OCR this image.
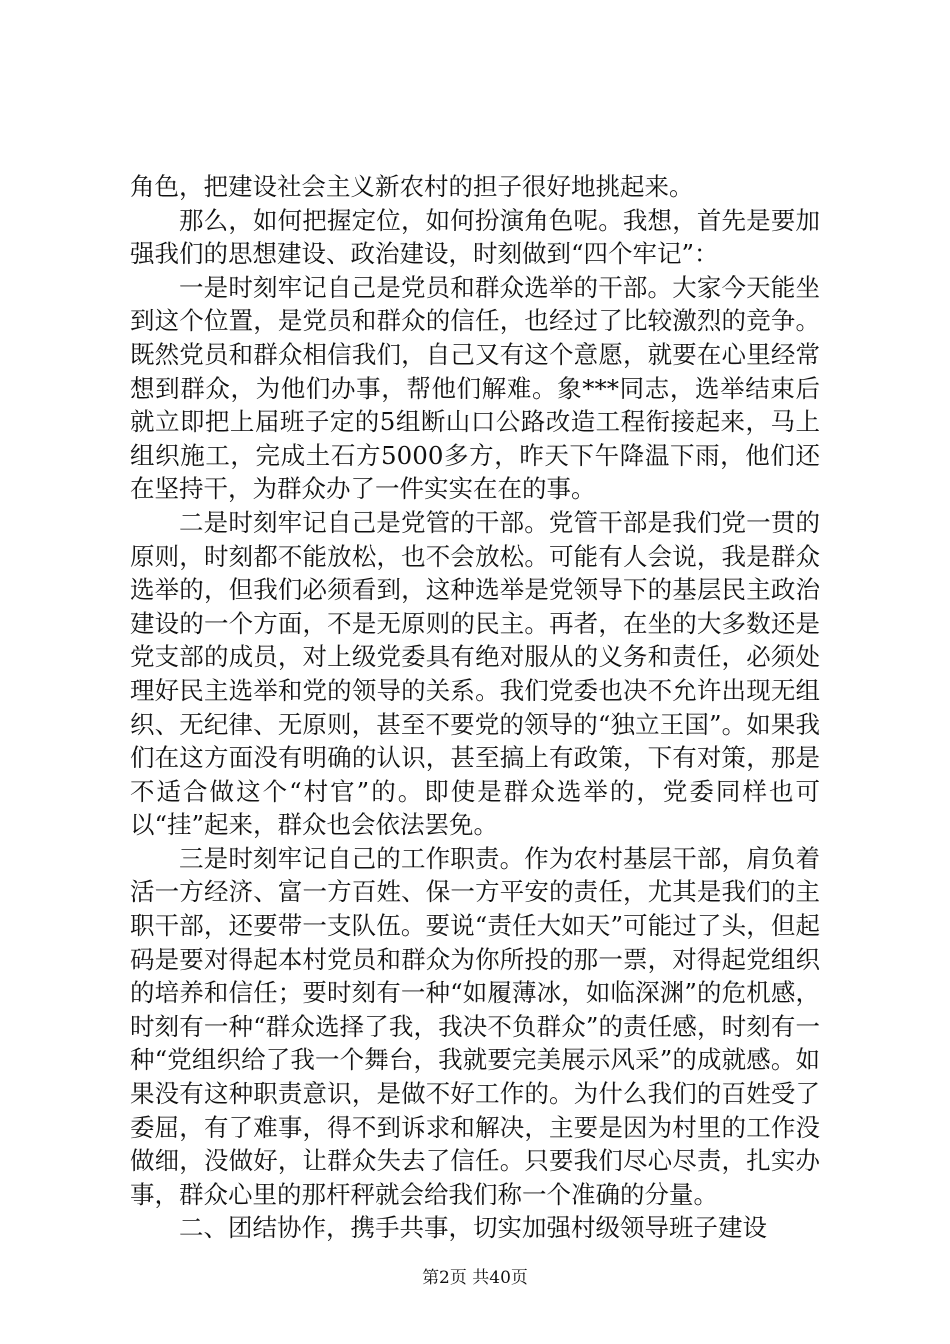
角色，把建设社会主义新农村的担子很好地挑起来。

那么，如何把握定位，如何扮演角色呢。我想，首先是要加强我们的思想建设、政治建设，时刻做到“四个牢记”：

一是时刻牢记自己是党员和群众选举的干部。大家今天能坐到这个位置，是党员和群众的信任，也经过了比较激烈的竞争。既然党员和群众相信我们，自己又有这个意愿，就要在心里经常想到群众，为他们办事，帮他们解难。象***同志，选举结束后就立即把上届班子定的5组断山口公路改造工程衔接起来，马上组织施工，完成土石方5000多方，昨天下午降温下雨，他们还在坚持干，为群众办了一件实实在在的事。

二是时刻牢记自己是党管的干部。党管干部是我们党一贯的原则，时刻都不能放松，也不会放松。可能有人会说，我是群众选举的，但我们必须看到，这种选举是党领导下的基层民主政治建设的一个方面，不是无原则的民主。再者，在坐的大多数还是党支部的成员，对上级党委具有绝对服从的义务和责任，必须处理好民主选举和党的领导的关系。我们党委也决不允许出现无组织、无纪律、无原则，甚至不要党的领导的“独立王国”。如果我们在这方面没有明确的认识，甚至搞上有政策，下有对策，那是不适合做这个“村官”的。即使是群众选举的，党委同样也可以“挂”起来，群众也会依法罢免。

三是时刻牢记自己的工作职责。作为农村基层干部，肩负着活一方经济、富一方百姓、保一方平安的责任，尤其是我们的主职干部，还要带一支队伍。要说“责任大如天”可能过了头，但起码是要对得起本村党员和群众为你所投的那一票，对得起党组织的培养和信任；要时刻有一种“如履薄冰，如临深渊”的危机感，时刻有一种“群众选择了我，我决不负群众”的责任感，时刻有一种“党组织给了我一个舞台，我就要完美展示风采”的成就感。如果没有这种职责意识，是做不好工作的。为什么我们的百姓受了委屈，有了难事，得不到诉求和解决，主要是因为村里的工作没做细，没做好，让群众失去了信任。只要我们尽心尽责，扎实办事，群众心里的那杆秤就会给我们称一个准确的分量。

二、团结协作，携手共事，切实加强村级领导班子建设

第2页 共40页
